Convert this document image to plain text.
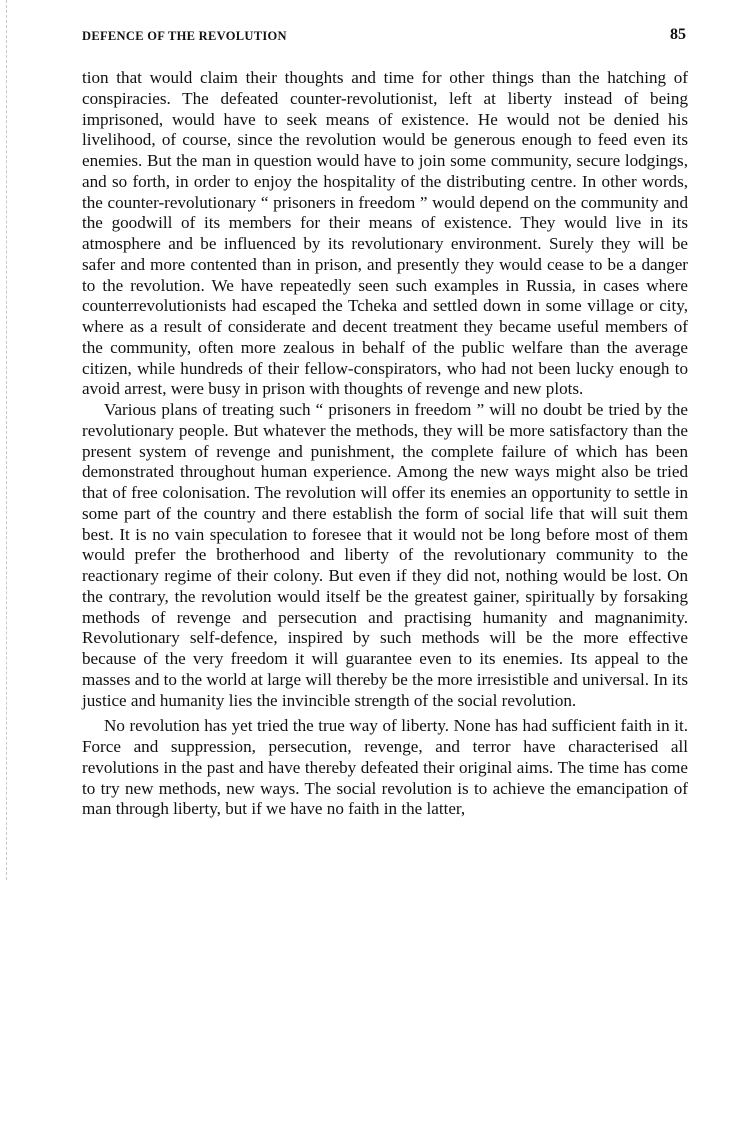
DEFENCE OF THE REVOLUTION	85

tion that would claim their thoughts and time for other things than the hatching of conspiracies. The defeated counter-revolutionist, left at liberty instead of being imprisoned, would have to seek means of existence. He would not be denied his livelihood, of course, since the revolution would be generous enough to feed even its enemies. But the man in question would have to join some community, secure lodgings, and so forth, in order to enjoy the hospitality of the distributing centre. In other words, the counter-revolutionary “ prisoners in freedom ” would depend on the community and the goodwill of its members for their means of existence. They would live in its atmosphere and be influenced by its revolutionary environment. Surely they will be safer and more contented than in prison, and presently they would cease to be a danger to the revolution. We have repeatedly seen such examples in Russia, in cases where counterrevolutionists had escaped the Tcheka and settled down in some village or city, where as a result of considerate and decent treatment they became useful members of the community, often more zealous in behalf of the public welfare than the average citizen, while hundreds of their fellow-conspirators, who had not been lucky enough to avoid arrest, were busy in prison with thoughts of revenge and new plots.

Various plans of treating such “ prisoners in freedom ” will no doubt be tried by the revolutionary people. But whatever the methods, they will be more satisfactory than the present system of revenge and punishment, the complete failure of which has been demonstrated throughout human experience. Among the new ways might also be tried that of free colonisation. The revolution will offer its enemies an opportunity to settle in some part of the country and there establish the form of social life that will suit them best. It is no vain speculation to foresee that it would not be long before most of them would prefer the brotherhood and liberty of the revolutionary community to the reactionary regime of their colony. But even if they did not, nothing would be lost. On the contrary, the revolution would itself be the greatest gainer, spiritually by forsaking methods of revenge and persecution and practising humanity and magnanimity. Revolutionary self-defence, inspired by such methods will be the more effective because of the very freedom it will guarantee even to its enemies. Its appeal to the masses and to the world at large will thereby be the more irresistible and universal. In its justice and humanity lies the invincible strength of the social revolution.

No revolution has yet tried the true way of liberty. None has had sufficient faith in it. Force and suppression, persecution, revenge, and terror have characterised all revolutions in the past and have thereby defeated their original aims. The time has come to try new methods, new ways. The social revolution is to achieve the emancipation of man through liberty, but if we have no faith in the latter,
